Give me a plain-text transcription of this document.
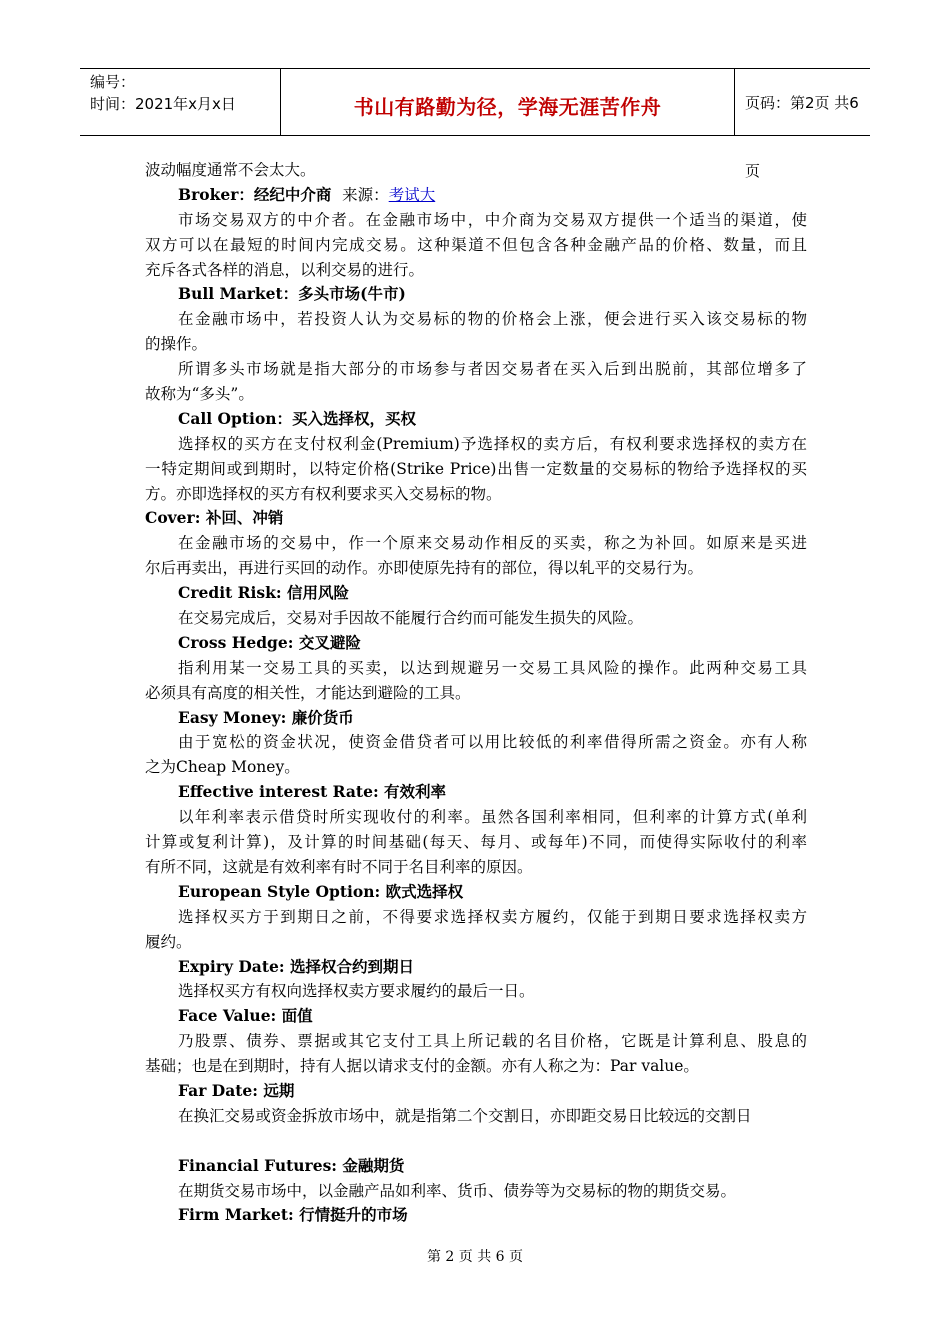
编号：
时间：2021年x月x日	书山有路勤为径，学海无涯苦作舟	页码：第2页 共6页
波动幅度通常不会太大。
Broker：经纪中介商 来源：考试大
市场交易双方的中介者。在金融市场中，中介商为交易双方提供一个适当的渠道，使
双方可以在最短的时间内完成交易。这种渠道不但包含各种金融产品的价格、数量，而且
充斥各式各样的消息，以利交易的进行。
Bull Market：多头市场(牛市)
在金融市场中，若投资人认为交易标的物的价格会上涨，便会进行买入该交易标的物
的操作。
所谓多头市场就是指大部分的市场参与者因交易者在买入后到出脱前，其部位增多了
故称为“多头”。
Call Option：买入选择权，买权
选择权的买方在支付权利金(Premium)予选择权的卖方后，有权利要求选择权的卖方在
一特定期间或到期时，以特定价格(Strike Price)出售一定数量的交易标的物给予选择权的买
方。亦即选择权的买方有权利要求买入交易标的物。
Cover: 补回、冲销
在金融市场的交易中，作一个原来交易动作相反的买卖，称之为补回。如原来是买进
尔后再卖出，再进行买回的动作。亦即使原先持有的部位，得以轧平的交易行为。
Credit Risk: 信用风险
在交易完成后，交易对手因故不能履行合约而可能发生损失的风险。
Cross Hedge: 交叉避险
指利用某一交易工具的买卖，以达到规避另一交易工具风险的操作。此两种交易工具
必须具有高度的相关性，才能达到避险的工具。
Easy Money: 廉价货币
由于宽松的资金状况，使资金借贷者可以用比较低的利率借得所需之资金。亦有人称
之为Cheap Money。
Effective interest Rate: 有效利率
以年利率表示借贷时所实现收付的利率。虽然各国利率相同，但利率的计算方式(单利
计算或复利计算)，及计算的时间基础(每天、每月、或每年)不同，而使得实际收付的利率
有所不同，这就是有效利率有时不同于名目利率的原因。
European Style Option: 欧式选择权
选择权买方于到期日之前，不得要求选择权卖方履约，仅能于到期日要求选择权卖方
履约。
Expiry Date: 选择权合约到期日
选择权买方有权向选择权卖方要求履约的最后一日。
Face Value: 面值
乃股票、债券、票据或其它支付工具上所记载的名目价格，它既是计算利息、股息的
基础；也是在到期时，持有人据以请求支付的金额。亦有人称之为：Par value。
Far Date: 远期
在换汇交易或资金拆放市场中，就是指第二个交割日，亦即距交易日比较远的交割日
Financial Futures: 金融期货
在期货交易市场中，以金融产品如利率、货币、债券等为交易标的物的期货交易。
Firm Market: 行情挺升的市场
第 2 页 共 6 页
